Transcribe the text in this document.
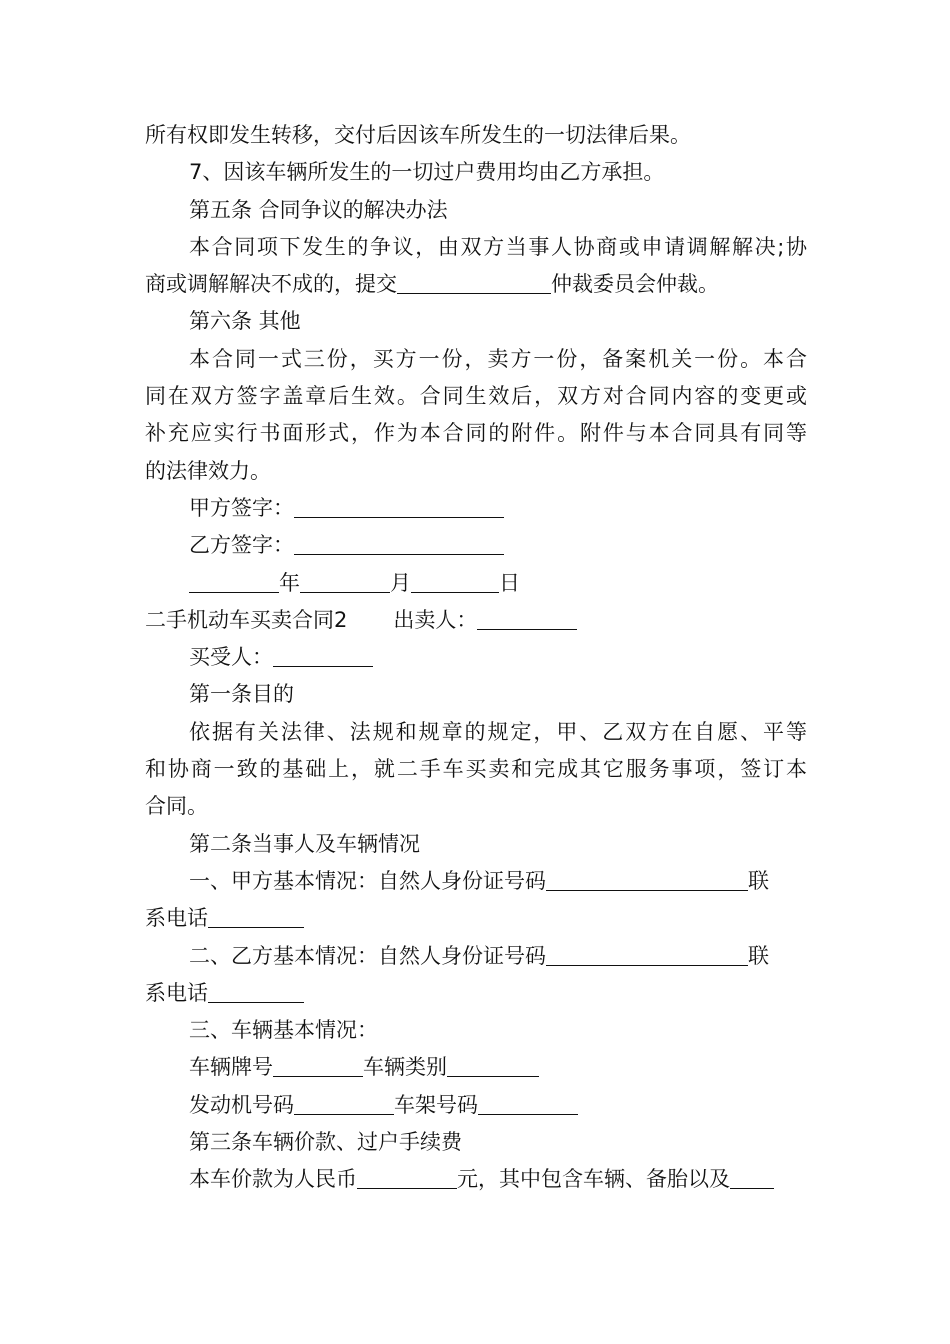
所有权即发生转移，交付后因该车所发生的一切法律后果。
7、因该车辆所发生的一切过户费用均由乙方承担。
第五条 合同争议的解决办法
本合同项下发生的争议，由双方当事人协商或申请调解解决;协
商或调解解决不成的，提交	仲裁委员会仲裁。
第六条 其他
本合同一式三份，买方一份，卖方一份，备案机关一份。本合
同在双方签字盖章后生效。合同生效后，双方对合同内容的变更或
补充应实行书面形式，作为本合同的附件。附件与本合同具有同等
的法律效力。
甲方签字：
乙方签字：
年	月	日
二手机动车买卖合同2 出卖人：
买受人：
第一条目的
依据有关法律、法规和规章的规定，甲、乙双方在自愿、平等
和协商一致的基础上，就二手车买卖和完成其它服务事项，签订本
合同。
第二条当事人及车辆情况
一、甲方基本情况：自然人身份证号码	联
系电话
二、乙方基本情况：自然人身份证号码	联
系电话
三、车辆基本情况：
车辆牌号	车辆类别
发动机号码	车架号码
第三条车辆价款、过户手续费
本车价款为人民币	元，其中包含车辆、备胎以及
